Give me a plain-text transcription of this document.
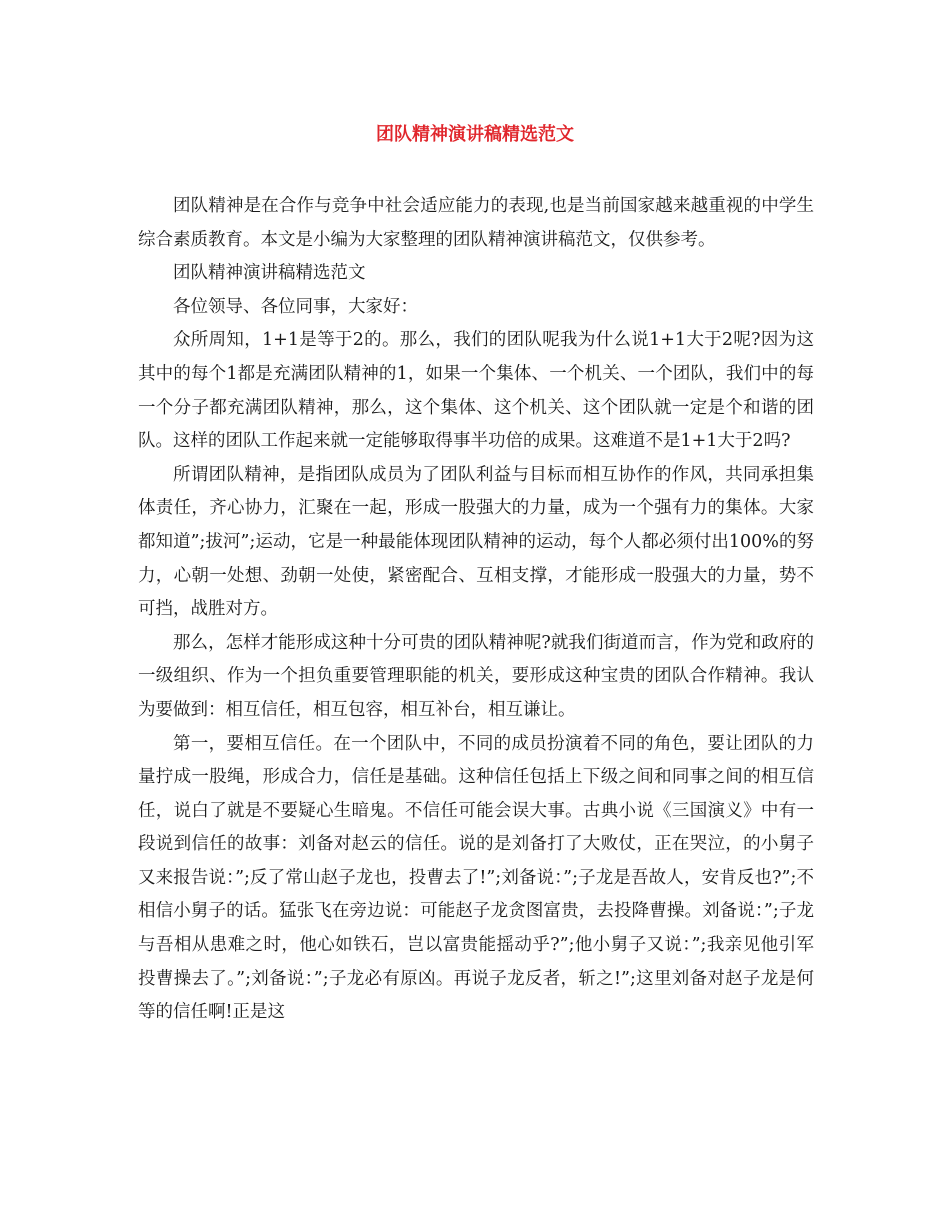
团队精神演讲稿精选范文

团队精神是在合作与竞争中社会适应能力的表现,也是当前国家越来越重视的中学生综合素质教育。本文是小编为大家整理的团队精神演讲稿范文，仅供参考。

团队精神演讲稿精选范文

各位领导、各位同事，大家好：

众所周知，1+1是等于2的。那么，我们的团队呢我为什么说1+1大于2呢?因为这其中的每个1都是充满团队精神的1，如果一个集体、一个机关、一个团队，我们中的每一个分子都充满团队精神，那么，这个集体、这个机关、这个团队就一定是个和谐的团队。这样的团队工作起来就一定能够取得事半功倍的成果。这难道不是1+1大于2吗?

所谓团队精神，是指团队成员为了团队利益与目标而相互协作的作风，共同承担集体责任，齐心协力，汇聚在一起，形成一股强大的力量，成为一个强有力的集体。大家都知道”;拔河”;运动，它是一种最能体现团队精神的运动，每个人都必须付出100%的努力，心朝一处想、劲朝一处使，紧密配合、互相支撑，才能形成一股强大的力量，势不可挡，战胜对方。

那么，怎样才能形成这种十分可贵的团队精神呢?就我们街道而言，作为党和政府的一级组织、作为一个担负重要管理职能的机关，要形成这种宝贵的团队合作精神。我认为要做到：相互信任，相互包容，相互补台，相互谦让。

第一，要相互信任。在一个团队中，不同的成员扮演着不同的角色，要让团队的力量拧成一股绳，形成合力，信任是基础。这种信任包括上下级之间和同事之间的相互信任，说白了就是不要疑心生暗鬼。不信任可能会误大事。古典小说《三国演义》中有一段说到信任的故事：刘备对赵云的信任。说的是刘备打了大败仗，正在哭泣，的小舅子又来报告说：”;反了常山赵子龙也，投曹去了!”;刘备说：”;子龙是吾故人，安肯反也?”;不相信小舅子的话。猛张飞在旁边说：可能赵子龙贪图富贵，去投降曹操。刘备说：”;子龙与吾相从患难之时，他心如铁石，岂以富贵能摇动乎?”;他小舅子又说：”;我亲见他引军投曹操去了。”;刘备说：”;子龙必有原凶。再说子龙反者，斩之!”;这里刘备对赵子龙是何等的信任啊!正是这
